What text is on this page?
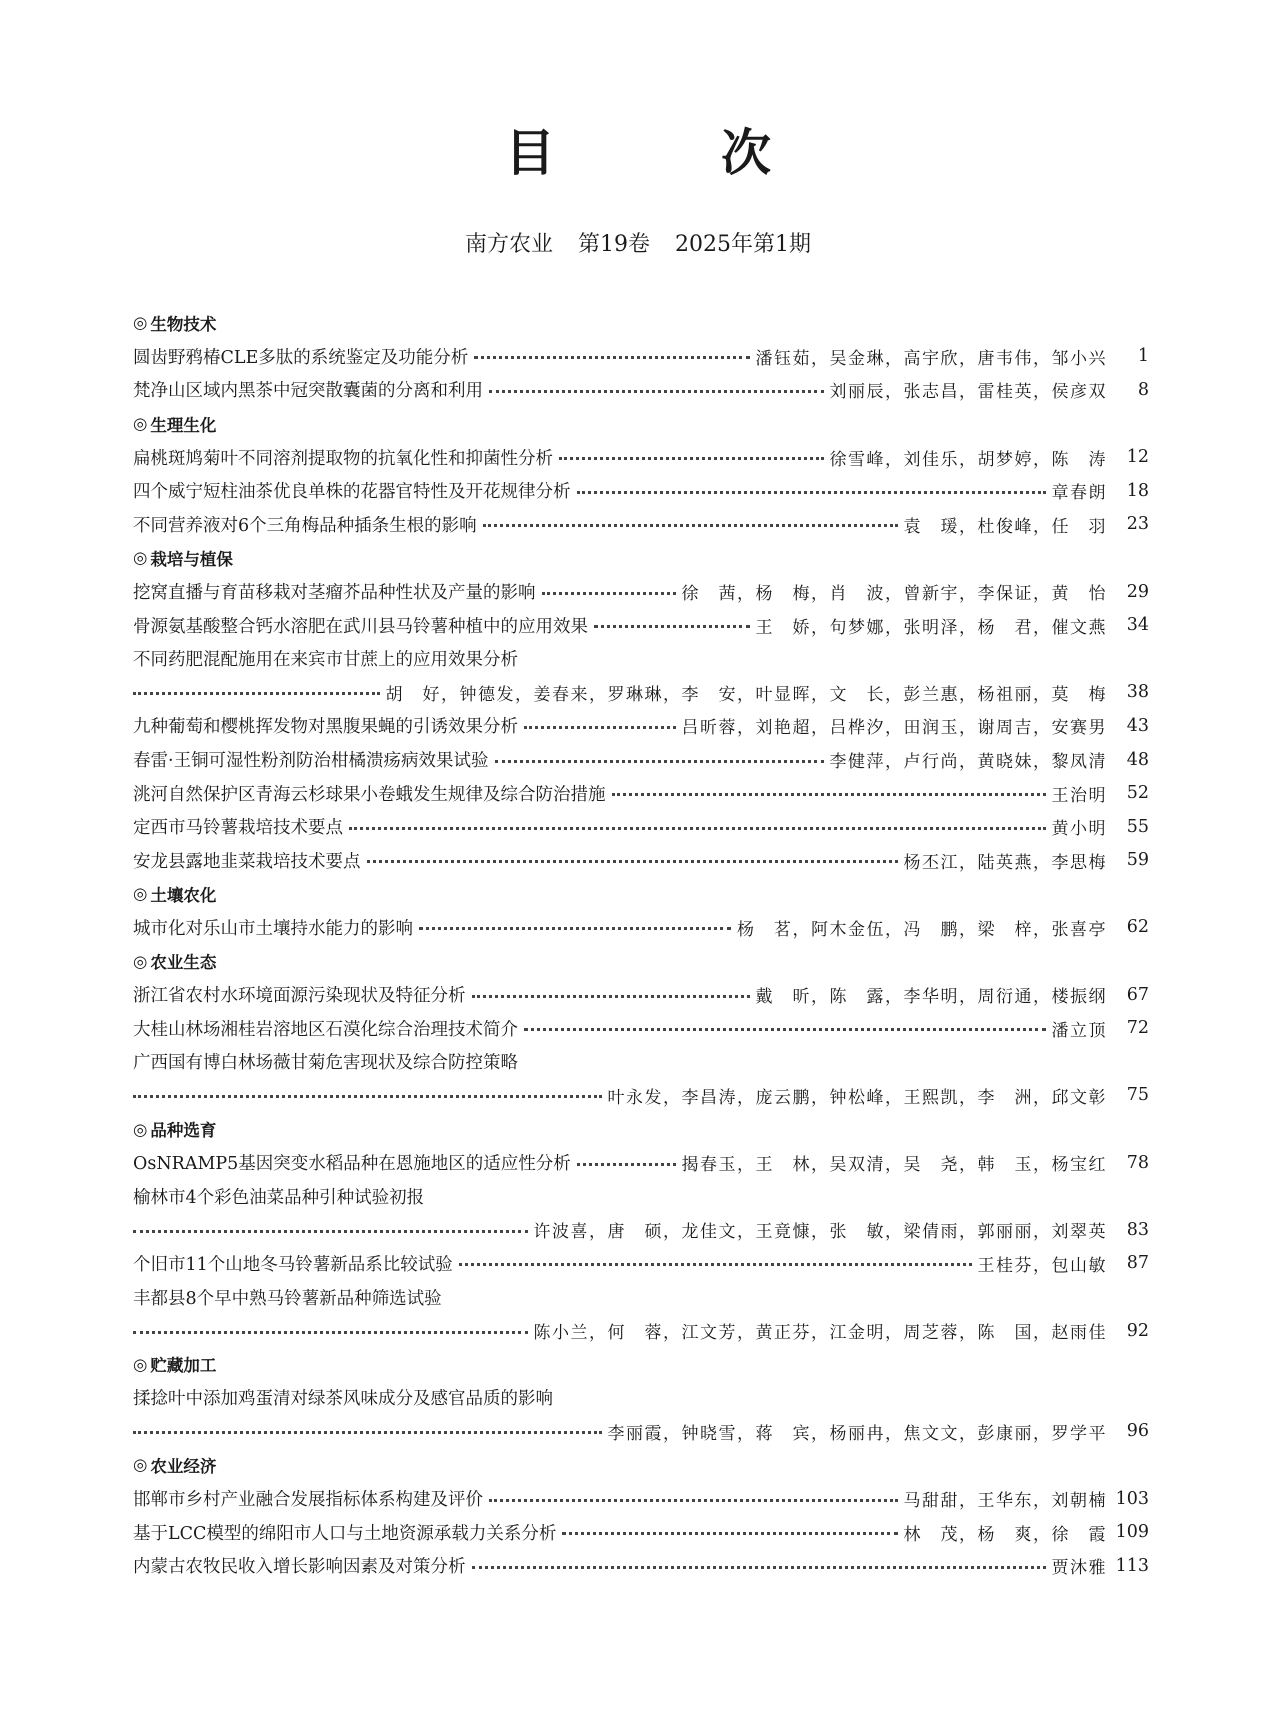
目　次
南方农业 第19卷 2025年第1期
◎ 生物技术
圆齿野鸦椿CLE多肽的系统鉴定及功能分析	潘钰茹，吴金琳，高宇欣，唐韦伟，邹小兴	1
梵净山区域内黑茶中冠突散囊菌的分离和利用	刘丽辰，张志昌，雷桂英，侯彦双	8
◎ 生理生化
扁桃斑鸠菊叶不同溶剂提取物的抗氧化性和抑菌性分析	徐雪峰，刘佳乐，胡梦婷，陈　涛	12
四个威宁短柱油茶优良单株的花器官特性及开花规律分析	章春朗	18
不同营养液对6个三角梅品种插条生根的影响	袁　瑗，杜俊峰，任　羽	23
◎ 栽培与植保
挖窝直播与育苗移栽对茎瘤芥品种性状及产量的影响	徐　茜，杨　梅，肖　波，曾新宇，李保证，黄　怡	29
骨源氨基酸整合钙水溶肥在武川县马铃薯种植中的应用效果	王　娇，句梦娜，张明泽，杨　君，催文燕	34
不同药肥混配施用在来宾市甘蔗上的应用效果分析
胡　好，钟德发，姜春来，罗琳琳，李　安，叶显晖，文　长，彭兰惠，杨祖丽，莫　梅	38
九种葡萄和樱桃挥发物对黑腹果蝇的引诱效果分析	吕昕蓉，刘艳超，吕桦汐，田润玉，谢周吉，安赛男	43
春雷·王铜可湿性粉剂防治柑橘溃疡病效果试验	李健萍，卢行尚，黄晓妹，黎凤清	48
洮河自然保护区青海云杉球果小卷蛾发生规律及综合防治措施	王治明	52
定西市马铃薯栽培技术要点	黄小明	55
安龙县露地韭菜栽培技术要点	杨丕江，陆英燕，李思梅	59
◎ 土壤农化
城市化对乐山市土壤持水能力的影响	杨　茗，阿木金伍，冯　鹏，梁　梓，张喜亭	62
◎ 农业生态
浙江省农村水环境面源污染现状及特征分析	戴　昕，陈　露，李华明，周衍通，楼振纲	67
大桂山林场湘桂岩溶地区石漠化综合治理技术简介	潘立顶	72
广西国有博白林场薇甘菊危害现状及综合防控策略
叶永发，李昌涛，庞云鹏，钟松峰，王熙凯，李　洲，邱文彰	75
◎ 品种选育
OsNRAMP5基因突变水稻品种在恩施地区的适应性分析	揭春玉，王　林，吴双清，吴　尧，韩　玉，杨宝红	78
榆林市4个彩色油菜品种引种试验初报
许波喜，唐　硕，龙佳文，王竟慷，张　敏，梁倩雨，郭丽丽，刘翠英	83
个旧市11个山地冬马铃薯新品系比较试验	王桂芬，包山敏	87
丰都县8个早中熟马铃薯新品种筛选试验
陈小兰，何　蓉，江文芳，黄正芬，江金明，周芝蓉，陈　国，赵雨佳	92
◎ 贮藏加工
揉捻叶中添加鸡蛋清对绿茶风味成分及感官品质的影响
李丽霞，钟晓雪，蒋　宾，杨丽冉，焦文文，彭康丽，罗学平	96
◎ 农业经济
邯郸市乡村产业融合发展指标体系构建及评价	马甜甜，王华东，刘朝楠 103
基于LCC模型的绵阳市人口与土地资源承载力关系分析	林　茂，杨　爽，徐　霞 109
内蒙古农牧民收入增长影响因素及对策分析	贾沐雅 113
